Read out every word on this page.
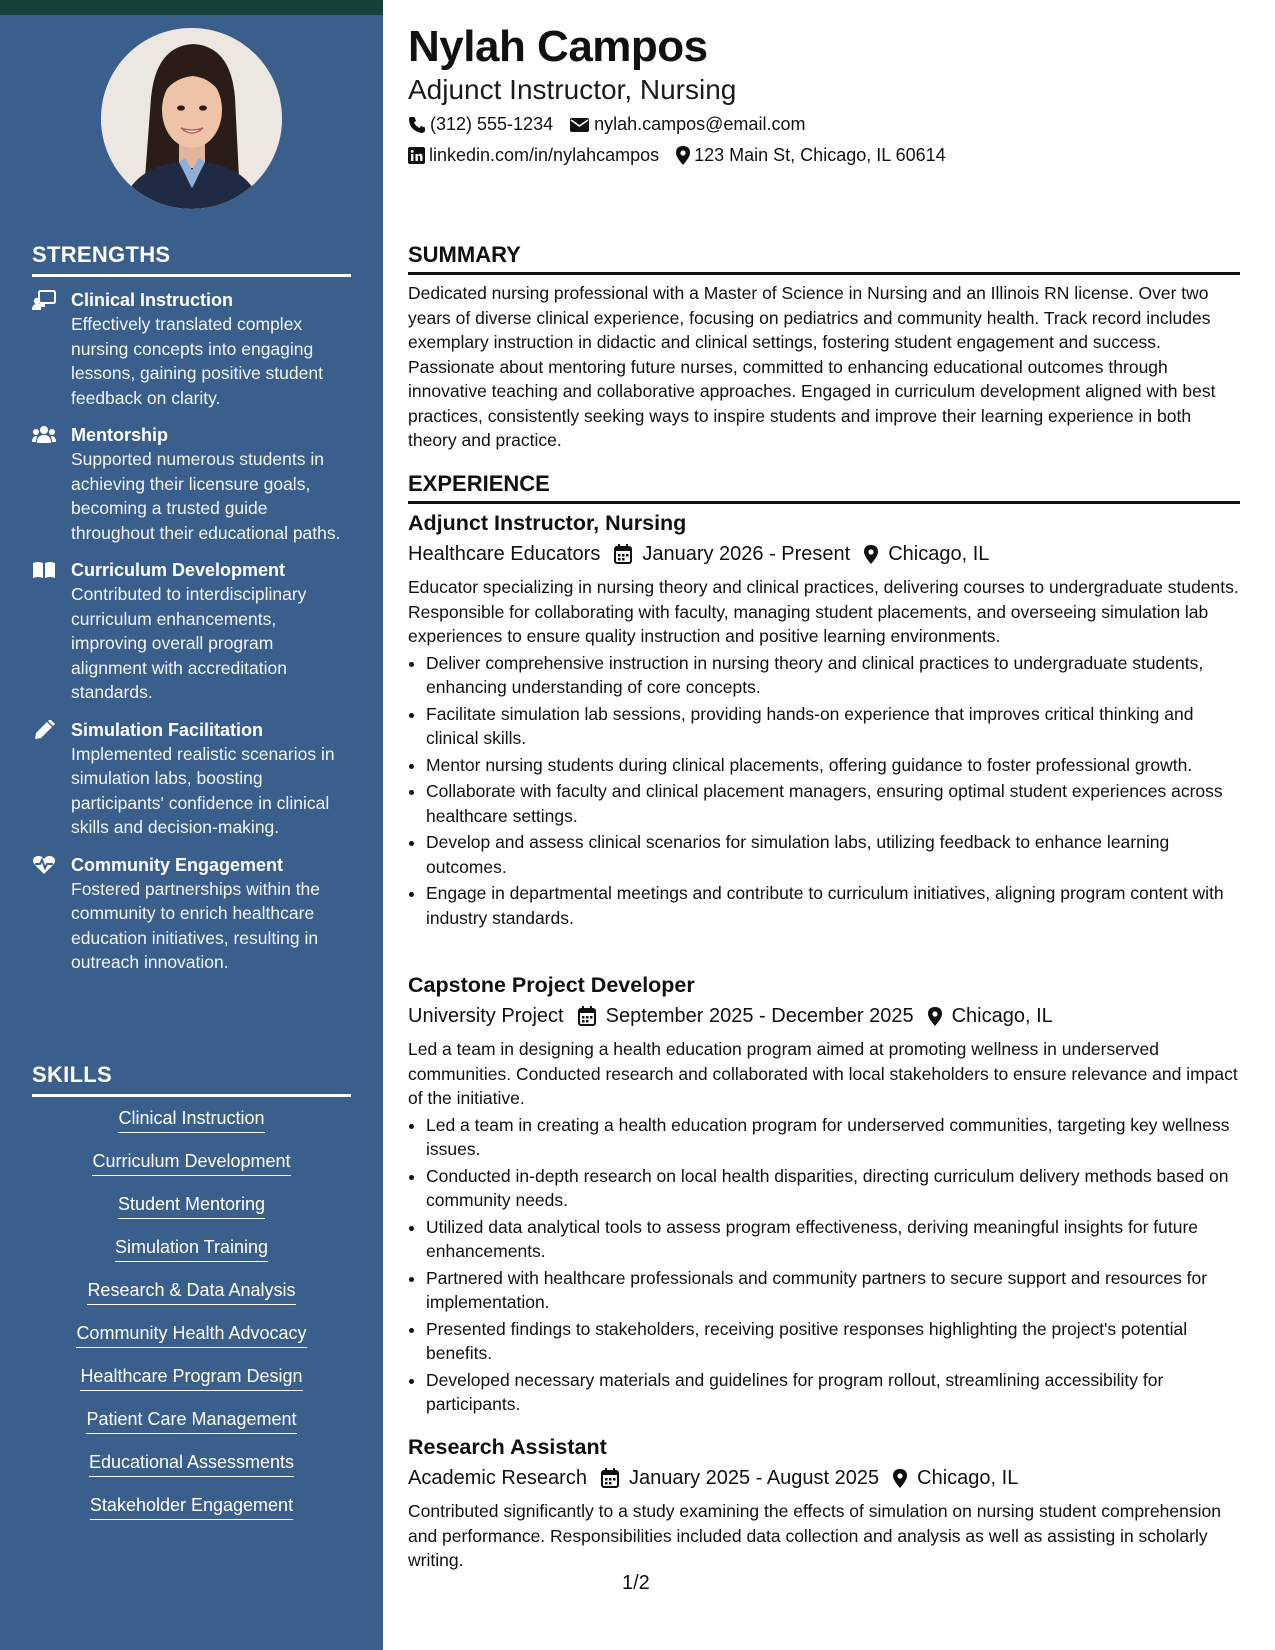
STRENGTHS
Clinical Instruction
Effectively translated complex nursing concepts into engaging lessons, gaining positive student feedback on clarity.
Mentorship
Supported numerous students in achieving their licensure goals, becoming a trusted guide throughout their educational paths.
Curriculum Development
Contributed to interdisciplinary curriculum enhancements, improving overall program alignment with accreditation standards.
Simulation Facilitation
Implemented realistic scenarios in simulation labs, boosting participants' confidence in clinical skills and decision-making.
Community Engagement
Fostered partnerships within the community to enrich healthcare education initiatives, resulting in outreach innovation.
SKILLS
Clinical Instruction
Curriculum Development
Student Mentoring
Simulation Training
Research & Data Analysis
Community Health Advocacy
Healthcare Program Design
Patient Care Management
Educational Assessments
Stakeholder Engagement
Nylah Campos
Adjunct Instructor, Nursing
(312) 555-1234 nylah.campos@email.com
linkedin.com/in/nylahcampos 123 Main St, Chicago, IL 60614
SUMMARY

Dedicated nursing professional with a Master of Science in Nursing and an Illinois RN license. Over two years of diverse clinical experience, focusing on pediatrics and community health. Track record includes exemplary instruction in didactic and clinical settings, fostering student engagement and success. Passionate about mentoring future nurses, committed to enhancing educational outcomes through innovative teaching and collaborative approaches. Engaged in curriculum development aligned with best practices, consistently seeking ways to inspire students and improve their learning experience in both theory and practice.

EXPERIENCE
Adjunct Instructor, Nursing
Healthcare Educators January 2026 - Present Chicago, IL

Educator specializing in nursing theory and clinical practices, delivering courses to undergraduate students. Responsible for collaborating with faculty, managing student placements, and overseeing simulation lab experiences to ensure quality instruction and positive learning environments.

• Deliver comprehensive instruction in nursing theory and clinical practices to undergraduate students, enhancing understanding of core concepts.
• Facilitate simulation lab sessions, providing hands-on experience that improves critical thinking and clinical skills.
• Mentor nursing students during clinical placements, offering guidance to foster professional growth.
• Collaborate with faculty and clinical placement managers, ensuring optimal student experiences across healthcare settings.
• Develop and assess clinical scenarios for simulation labs, utilizing feedback to enhance learning outcomes.
• Engage in departmental meetings and contribute to curriculum initiatives, aligning program content with industry standards.
Capstone Project Developer
University Project September 2025 - December 2025 Chicago, IL

Led a team in designing a health education program aimed at promoting wellness in underserved communities. Conducted research and collaborated with local stakeholders to ensure relevance and impact of the initiative.

• Led a team in creating a health education program for underserved communities, targeting key wellness issues.
• Conducted in-depth research on local health disparities, directing curriculum delivery methods based on community needs.
• Utilized data analytical tools to assess program effectiveness, deriving meaningful insights for future enhancements.
• Partnered with healthcare professionals and community partners to secure support and resources for implementation.
• Presented findings to stakeholders, receiving positive responses highlighting the project's potential benefits.
• Developed necessary materials and guidelines for program rollout, streamlining accessibility for participants.
Research Assistant
Academic Research January 2025 - August 2025 Chicago, IL

Contributed significantly to a study examining the effects of simulation on nursing student comprehension and performance. Responsibilities included data collection and analysis as well as assisting in scholarly writing.

1/2
